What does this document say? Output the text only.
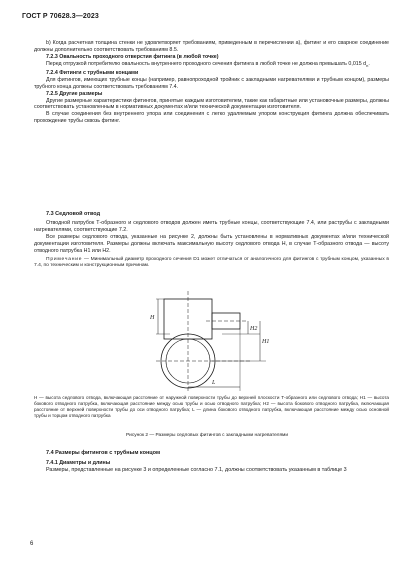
ГОСТ Р 70628.3—2023

b) Когда расчетная толщина стенки не удовлетворяет требованиям, приведенным в перечислении а), фитинг и его сварное соединение должны дополнительно соответствовать требованиям 8.5.

7.2.3 Овальность проходного отверстия фитинга (в любой точке)

Перед отгрузкой потребителю овальность внутреннего проходного сечения фитинга в любой точке не должна превышать 0,015 $d_n$.

7.2.4 Фитинги с трубными концами

Для фитингов, имеющих трубные концы (например, равнопроходной тройник с закладными нагревателями и трубным концом), размеры трубного конца должны соответствовать требованиям 7.4.

7.2.5 Другие размеры

Другие размерные характеристики фитингов, принятые каждым изготовителем, такие как габаритные или установочные размеры, должны соответствовать установленным в нормативных документах и/или технической документации изготовителя.

В случае соединения без внутреннего упора или соединения с легко удаляемым упором конструкция фитинга должна обеспечивать прохождение трубы сквозь фитинг.

7.3 Седловой отвод

Отводной патрубок Т-образного и седлового отводов должен иметь трубные концы, соответствующие 7.4, или раструбы с закладными нагревателями, соответствующие 7.2.

Все размеры седлового отвода, указанные на рисунке 2, должны быть установлены в нормативных документах и/или технической документации изготовителя. Размеры должны включать максимальную высоту седлового отвода H, в случае Т-образного отвода — высоту отводного патрубка H1 или H2.

Примечание — Минимальный диаметр проходного сечения D1 может отличаться от аналогичного для фитингов с трубным концом, указанных в 7.4, по техническим и конструкционным причинам.

H
H2
H1
L
H — высота седлового отвода, включающая расстояние от наружной поверхности трубы до верхней плоскости Т-образного или седлового отвода; H1 — высота бокового отводного патрубка, включающая расстояние между осью трубы и осью отводного патрубка; H2 — высота бокового отводного патрубка, включающая расстояние от верхней поверхности трубы до оси отводного патрубка; L — длина бокового отводного патрубка, включающая расстояние между осью основной трубы и торцом отводного патрубка
Рисунок 2 — Размеры седловых фитингов с закладными нагревателями
7.4 Размеры фитингов с трубным концом
7.4.1 Диаметры и длины

Размеры, представленные на рисунке 3 и определенные согласно 7.1, должны соответствовать указанным в таблице 3

6
